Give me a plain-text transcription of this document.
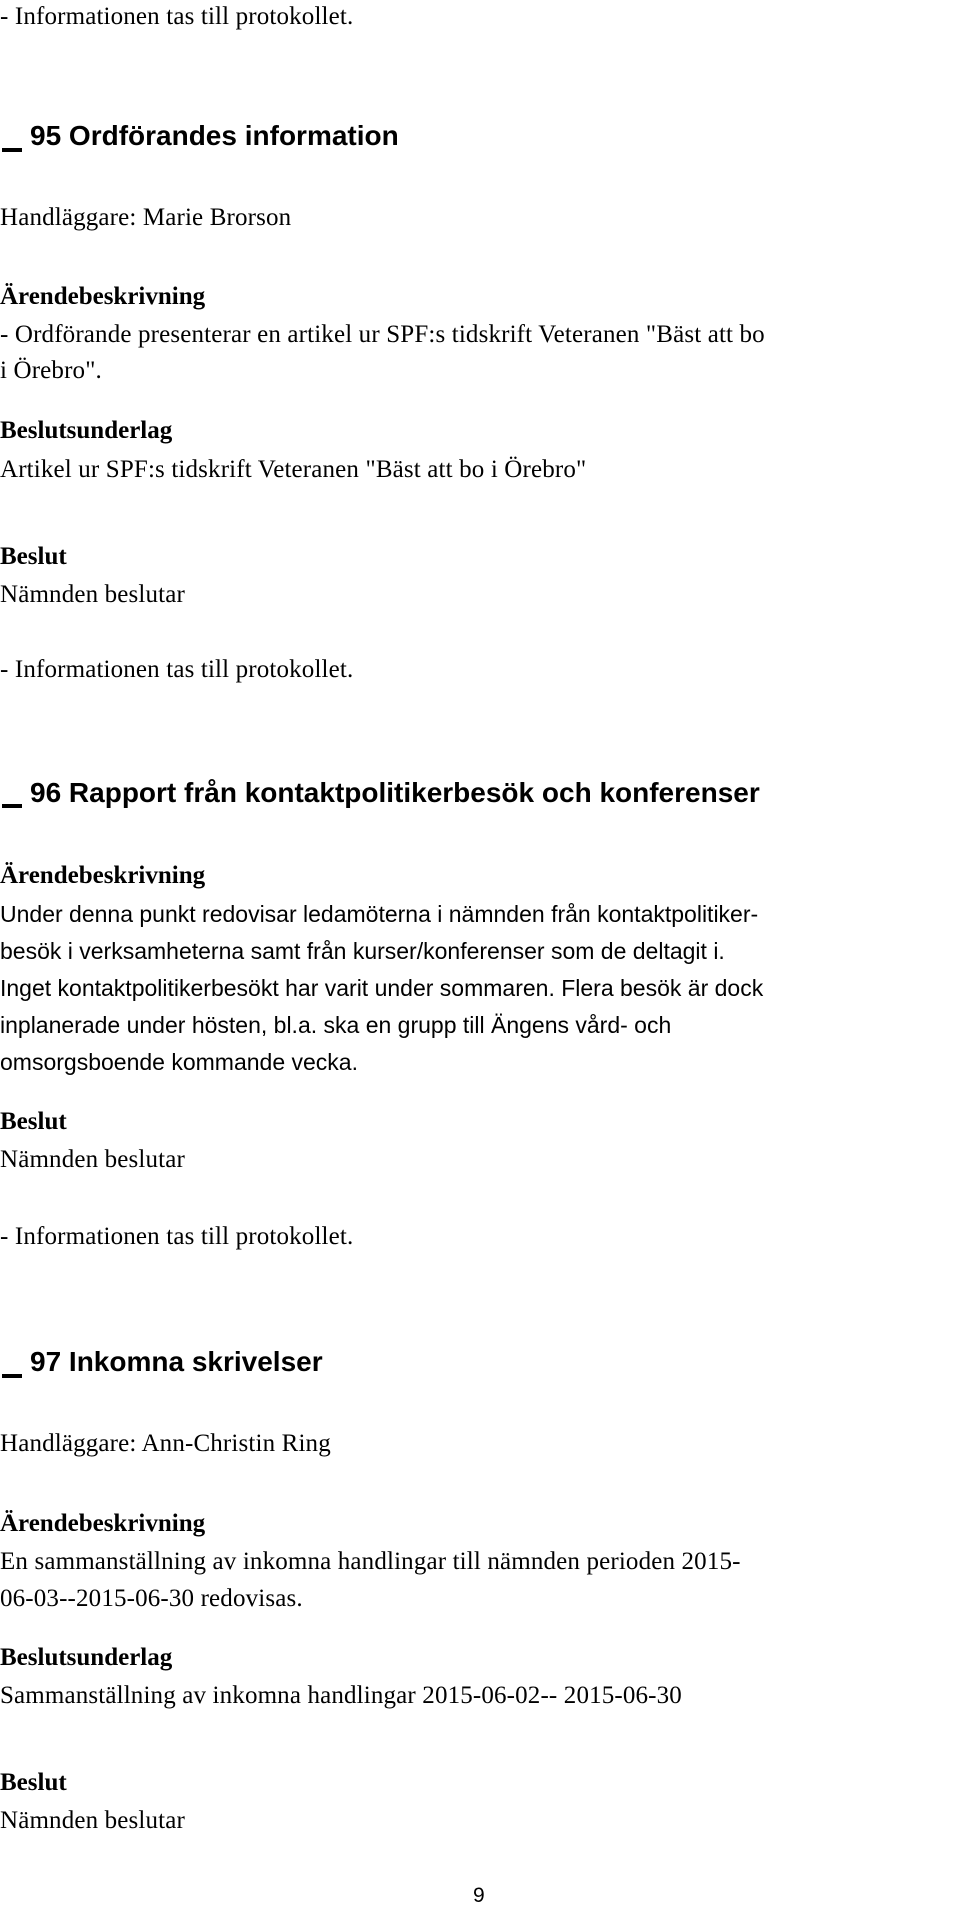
- Informationen tas till protokollet.
95 Ordförandes information
Handläggare: Marie Brorson
Ärendebeskrivning
- Ordförande presenterar en artikel ur SPF:s tidskrift Veteranen "Bäst att bo
i Örebro".
Beslutsunderlag
Artikel ur SPF:s tidskrift Veteranen "Bäst att bo i Örebro"
Beslut
Nämnden beslutar
- Informationen tas till protokollet.
96 Rapport från kontaktpolitikerbesök och konferenser
Ärendebeskrivning
Under denna punkt redovisar ledamöterna i nämnden från kontaktpolitiker-
besök i verksamheterna samt från kurser/konferenser som de deltagit i.
Inget kontaktpolitikerbesökt har varit under sommaren. Flera besök är dock
inplanerade under hösten, bl.a. ska en grupp till Ängens vård- och
omsorgsboende kommande vecka.
Beslut
Nämnden beslutar
- Informationen tas till protokollet.
97 Inkomna skrivelser
Handläggare: Ann-Christin Ring
Ärendebeskrivning
En sammanställning av inkomna handlingar till nämnden perioden 2015-
06-03--2015-06-30 redovisas.
Beslutsunderlag
Sammanställning av inkomna handlingar 2015-06-02-- 2015-06-30
Beslut
Nämnden beslutar
9
